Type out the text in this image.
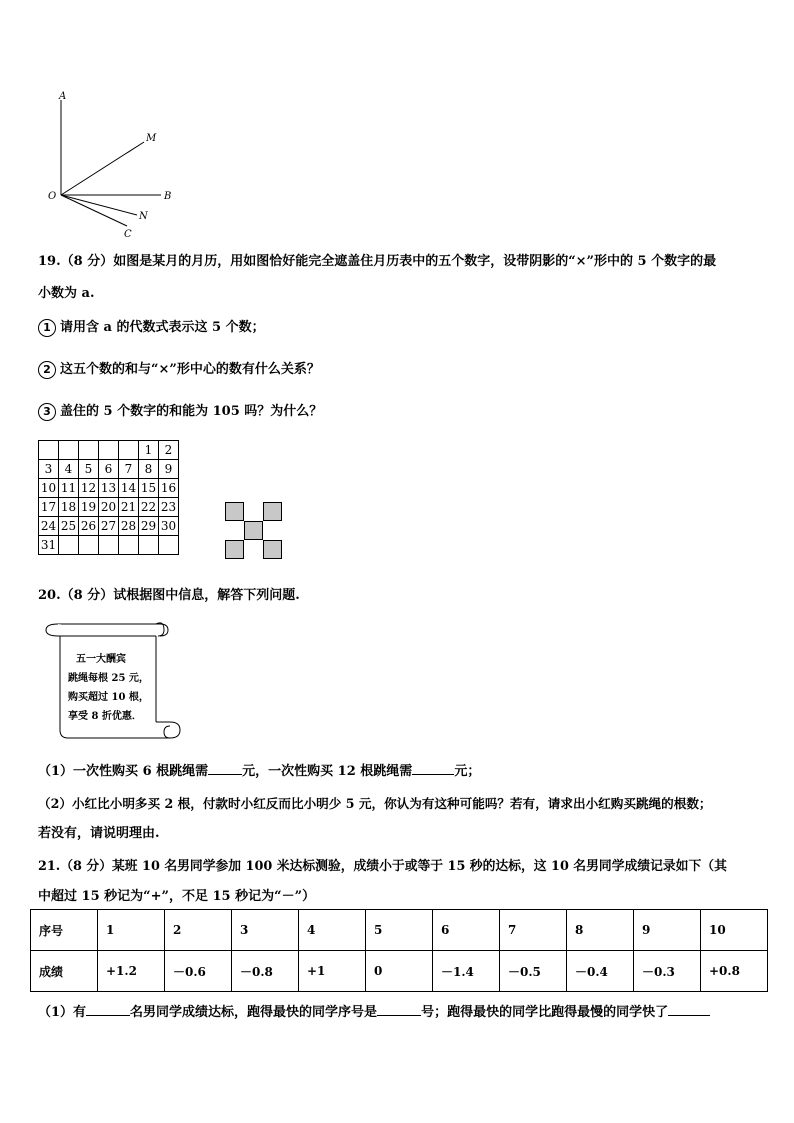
A
M
O	B
N
C
19.（8 分）如图是某月的月历，用如图恰好能完全遮盖住月历表中的五个数字，设带阴影的“×”形中的 5 个数字的最
小数为 a.
1 请用含 a 的代数式表示这 5 个数；
2 这五个数的和与“×”形中心的数有什么关系？
3 盖住的 5 个数字的和能为 105 吗？为什么？
					1	2
3	4	5	6	7	8	9
10	11	12	13	14	15	16
17	18	19	20	21	22	23
24	25	26	27	28	29	30
31						
20.（8 分）试根据图中信息，解答下列问题.
五一大酬宾
跳绳每根 25 元，
购买超过 10 根，
享受 8 折优惠．
（1）一次性购买 6 根跳绳需	元，一次性购买 12 根跳绳需	元；
（2）小红比小明多买 2 根，付款时小红反而比小明少 5 元，你认为有这种可能吗？若有，请求出小红购买跳绳的根数；
若没有，请说明理由.
21.（8 分）某班 10 名男同学参加 100 米达标测验，成绩小于或等于 15 秒的达标，这 10 名男同学成绩记录如下（其
中超过 15 秒记为“+”，不足 15 秒记为“－”）
序号	1	2	3	4	5	6	7	8	9	10
成绩	+1.2	－0.6	－0.8	+1	0	－1.4	－0.5	－0.4	－0.3	+0.8
（1）有	名男同学成绩达标，跑得最快的同学序号是	号；跑得最快的同学比跑得最慢的同学快了
